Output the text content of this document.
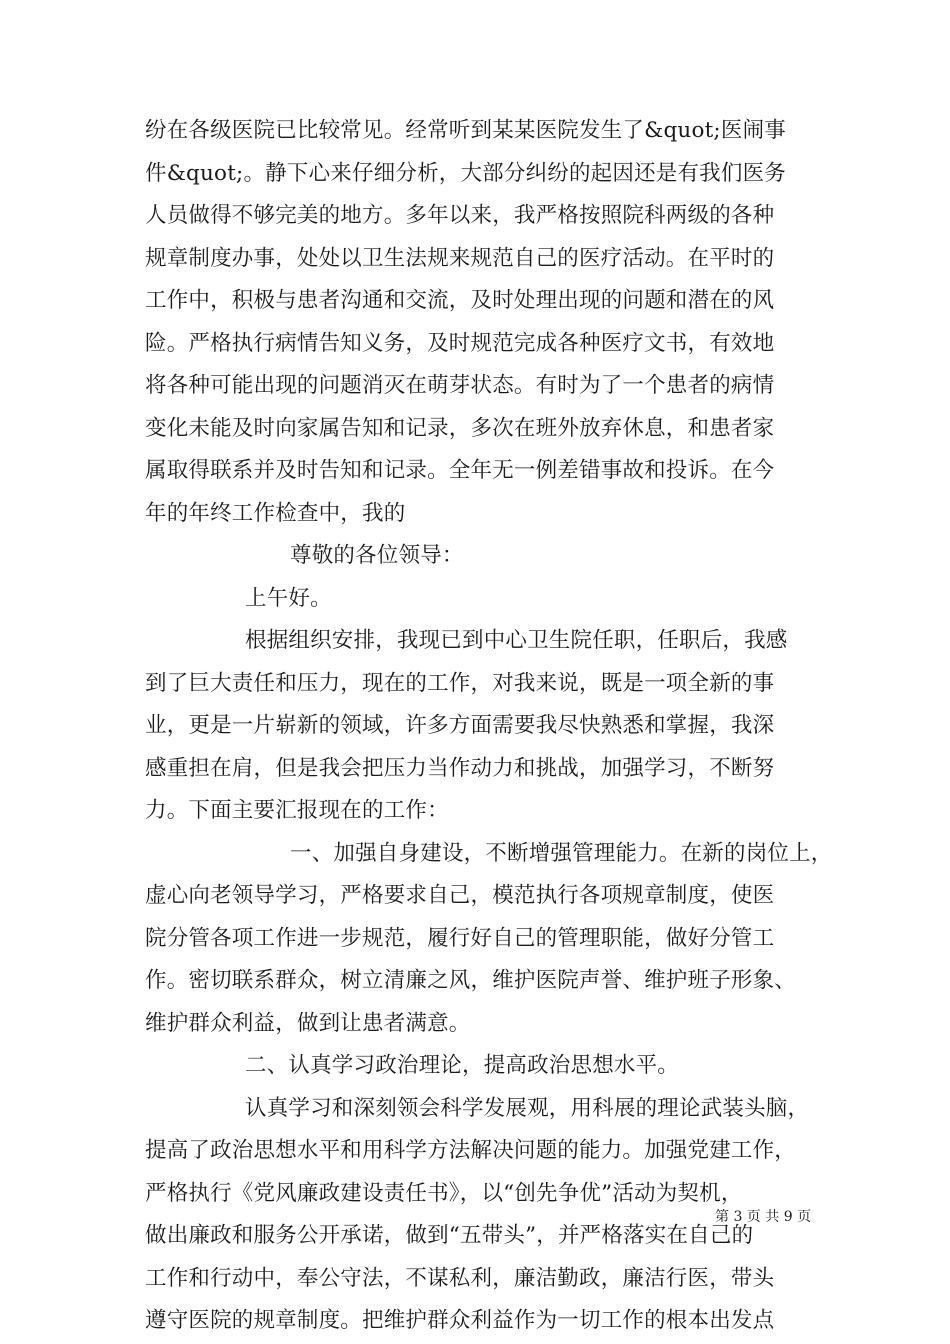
纷在各级医院已比较常见。经常听到某某医院发生了&quot;医闹事
件&quot;。静下心来仔细分析，大部分纠纷的起因还是有我们医务
人员做得不够完美的地方。多年以来，我严格按照院科两级的各种
规章制度办事，处处以卫生法规来规范自己的医疗活动。在平时的
工作中，积极与患者沟通和交流，及时处理出现的问题和潜在的风
险。严格执行病情告知义务，及时规范完成各种医疗文书，有效地
将各种可能出现的问题消灭在萌芽状态。有时为了一个患者的病情
变化未能及时向家属告知和记录，多次在班外放弃休息，和患者家
属取得联系并及时告知和记录。全年无一例差错事故和投诉。在今
年的年终工作检查中，我的
尊敬的各位领导：
上午好。
根据组织安排，我现已到中心卫生院任职，任职后，我感
到了巨大责任和压力，现在的工作，对我来说，既是一项全新的事
业，更是一片崭新的领域，许多方面需要我尽快熟悉和掌握，我深
感重担在肩，但是我会把压力当作动力和挑战，加强学习，不断努
力。下面主要汇报现在的工作：
一、加强自身建设，不断增强管理能力。在新的岗位上，
虚心向老领导学习，严格要求自己，模范执行各项规章制度，使医
院分管各项工作进一步规范，履行好自己的管理职能，做好分管工
作。密切联系群众，树立清廉之风，维护医院声誉、维护班子形象、
维护群众利益，做到让患者满意。
二、认真学习政治理论，提高政治思想水平。
认真学习和深刻领会科学发展观，用科展的理论武装头脑，
提高了政治思想水平和用科学方法解决问题的能力。加强党建工作，
严格执行《党风廉政建设责任书》，以“创先争优”活动为契机，
做出廉政和服务公开承诺，做到“五带头”，并严格落实在自己的
工作和行动中，奉公守法，不谋私利，廉洁勤政，廉洁行医，带头
遵守医院的规章制度。把维护群众利益作为一切工作的根本出发点
第 3 页 共 9 页
